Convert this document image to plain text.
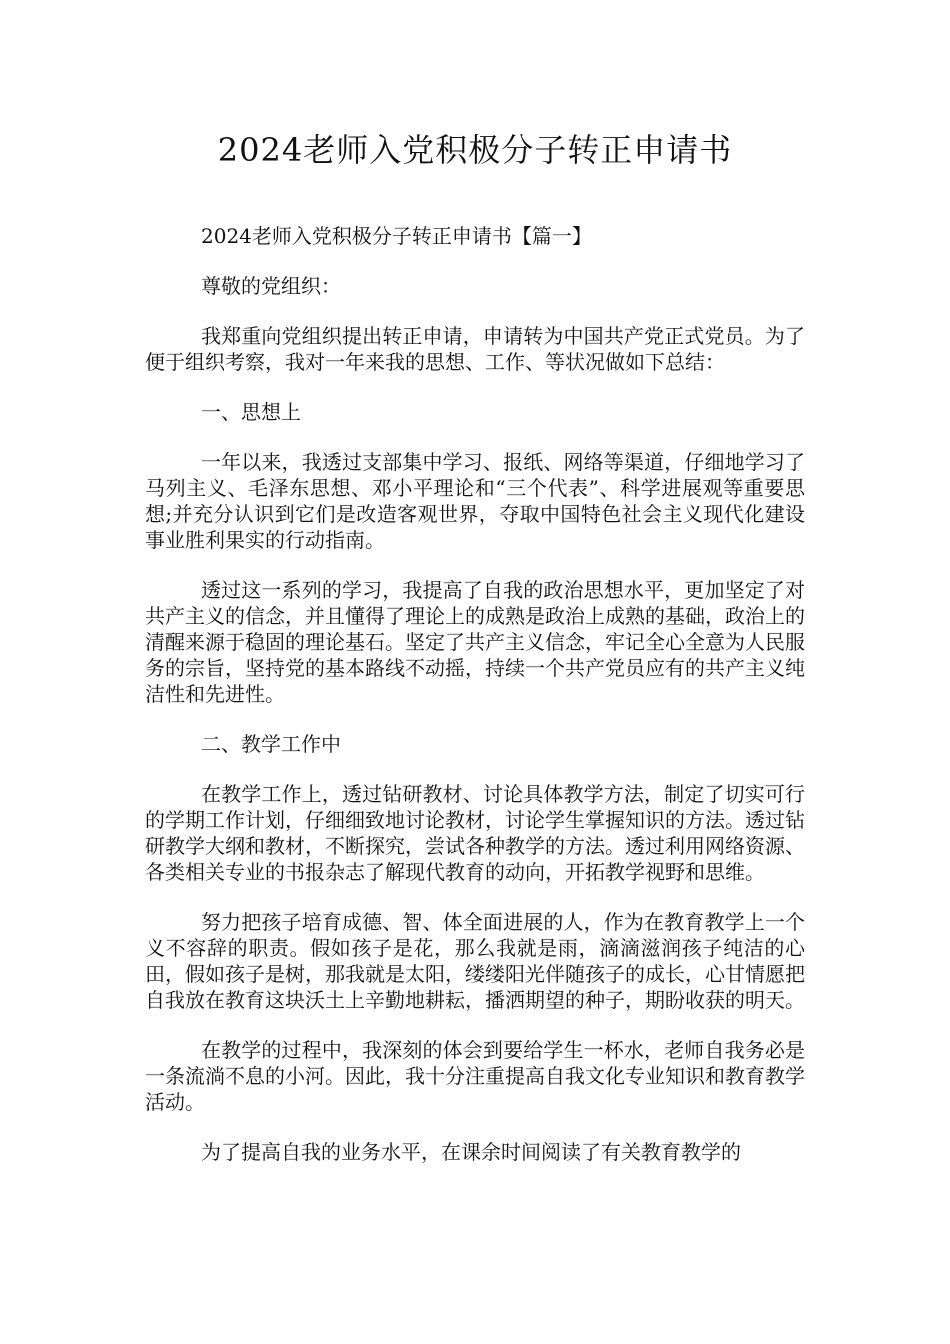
2024老师入党积极分子转正申请书

2024老师入党积极分子转正申请书【篇一】

尊敬的党组织：

我郑重向党组织提出转正申请，申请转为中国共产党正式党员。为了便于组织考察，我对一年来我的思想、工作、等状况做如下总结：

一、思想上

一年以来，我透过支部集中学习、报纸、网络等渠道，仔细地学习了马列主义、毛泽东思想、邓小平理论和“三个代表”、科学进展观等重要思想;并充分认识到它们是改造客观世界，夺取中国特色社会主义现代化建设事业胜利果实的行动指南。

透过这一系列的学习，我提高了自我的政治思想水平，更加坚定了对共产主义的信念，并且懂得了理论上的成熟是政治上成熟的基础，政治上的清醒来源于稳固的理论基石。坚定了共产主义信念，牢记全心全意为人民服务的宗旨，坚持党的基本路线不动摇，持续一个共产党员应有的共产主义纯洁性和先进性。

二、教学工作中

在教学工作上，透过钻研教材、讨论具体教学方法，制定了切实可行的学期工作计划，仔细细致地讨论教材，讨论学生掌握知识的方法。透过钻研教学大纲和教材，不断探究，尝试各种教学的方法。透过利用网络资源、各类相关专业的书报杂志了解现代教育的动向，开拓教学视野和思维。

努力把孩子培育成德、智、体全面进展的人，作为在教育教学上一个义不容辞的职责。假如孩子是花，那么我就是雨，滴滴滋润孩子纯洁的心田，假如孩子是树，那我就是太阳，缕缕阳光伴随孩子的成长，心甘情愿把自我放在教育这块沃土上辛勤地耕耘，播洒期望的种子，期盼收获的明天。

在教学的过程中，我深刻的体会到要给学生一杯水，老师自我务必是一条流淌不息的小河。因此，我十分注重提高自我文化专业知识和教育教学活动。

为了提高自我的业务水平，在课余时间阅读了有关教育教学的
